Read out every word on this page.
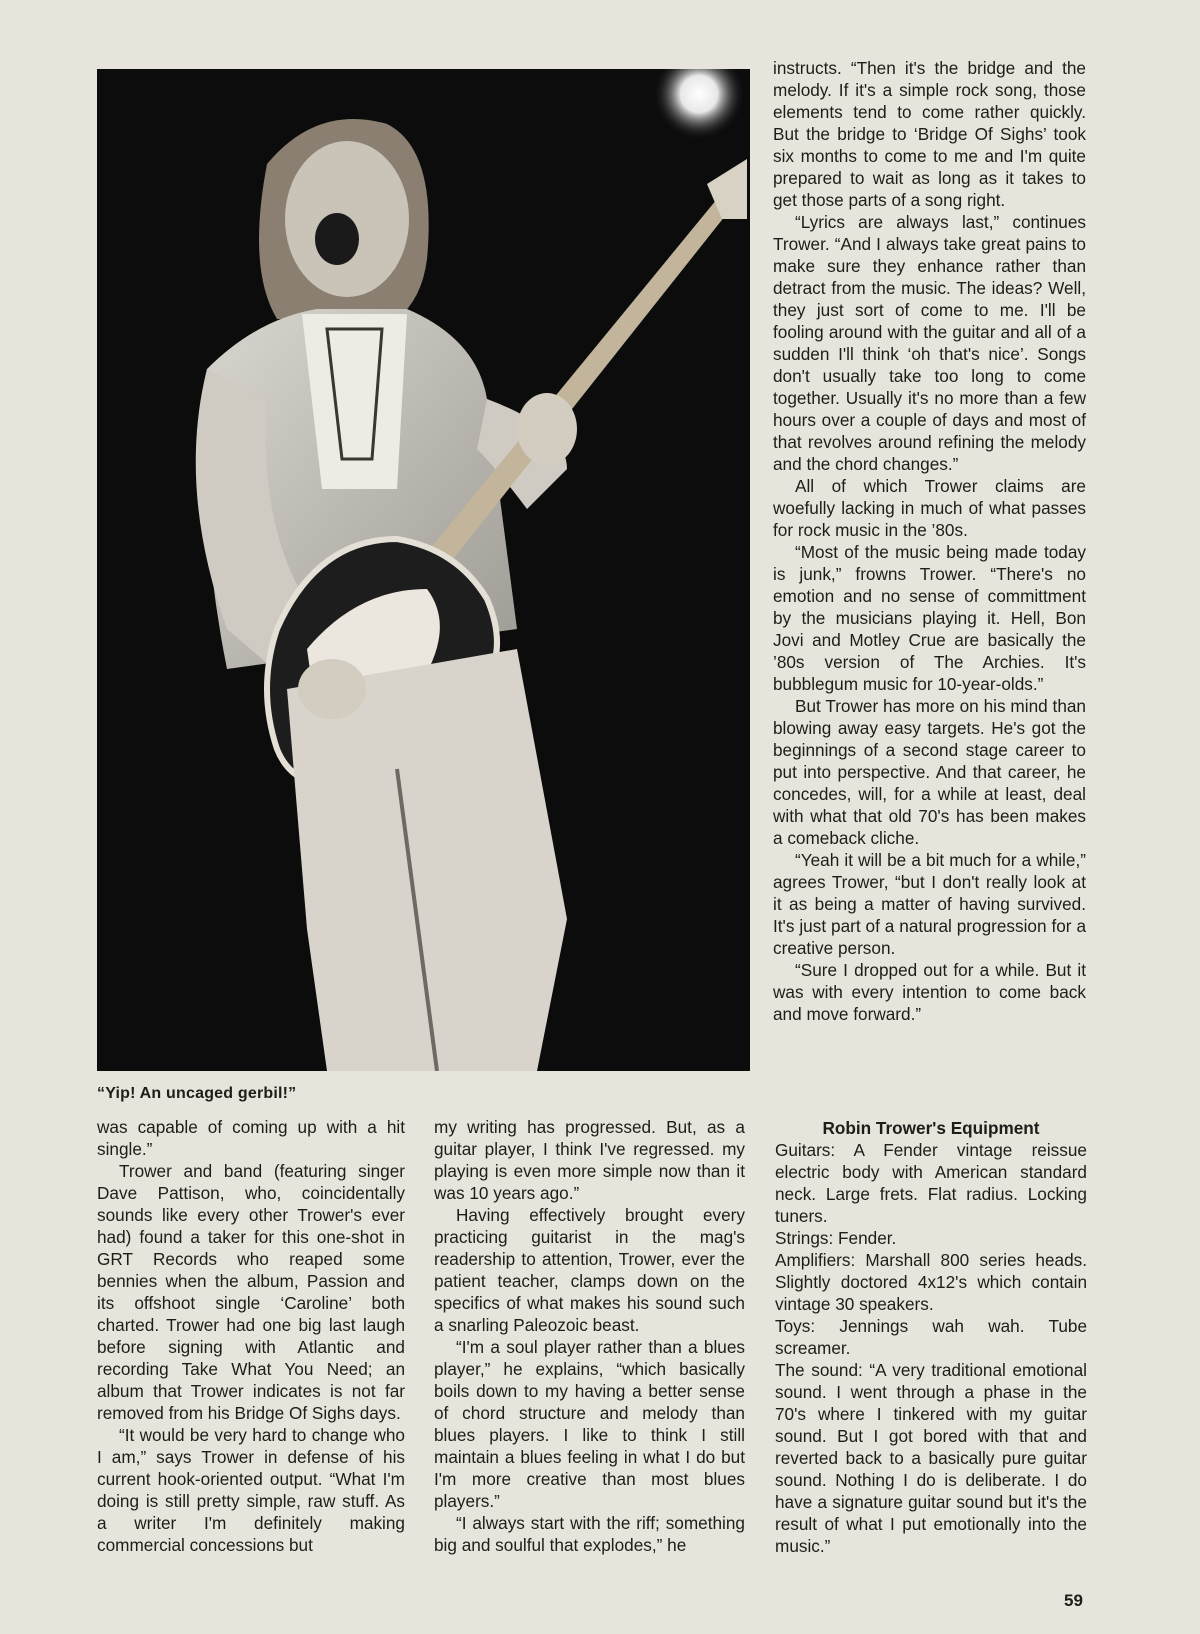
“Yip! An uncaged gerbil!”

was capable of coming up with a hit single.”

Trower and band (featuring singer Dave Pattison, who, coincidentally sounds like every other Trower's ever had) found a taker for this one-shot in GRT Records who reaped some bennies when the album, Passion and its offshoot single ‘Caroline’ both charted. Trower had one big last laugh before signing with Atlantic and recording Take What You Need; an album that Trower indicates is not far removed from his Bridge Of Sighs days.

“It would be very hard to change who I am,” says Trower in defense of his current hook-oriented output. “What I'm doing is still pretty simple, raw stuff. As a writer I'm definitely making commercial concessions but

my writing has progressed. But, as a guitar player, I think I've regressed. my playing is even more simple now than it was 10 years ago.”

Having effectively brought every practicing guitarist in the mag's readership to attention, Trower, ever the patient teacher, clamps down on the specifics of what makes his sound such a snarling Paleozoic beast.

“I'm a soul player rather than a blues player,” he explains, “which basically boils down to my having a better sense of chord structure and melody than blues players. I like to think I still maintain a blues feeling in what I do but I'm more creative than most blues players.”

“I always start with the riff; something big and soulful that explodes,” he

instructs. “Then it's the bridge and the melody. If it's a simple rock song, those elements tend to come rather quickly. But the bridge to ‘Bridge Of Sighs’ took six months to come to me and I'm quite prepared to wait as long as it takes to get those parts of a song right.

“Lyrics are always last,” continues Trower. “And I always take great pains to make sure they enhance rather than detract from the music. The ideas? Well, they just sort of come to me. I'll be fooling around with the guitar and all of a sudden I'll think ‘oh that's nice’. Songs don't usually take too long to come together. Usually it's no more than a few hours over a couple of days and most of that revolves around refining the melody and the chord changes.”

All of which Trower claims are woefully lacking in much of what passes for rock music in the ’80s.

“Most of the music being made today is junk,” frowns Trower. “There's no emotion and no sense of committment by the musicians playing it. Hell, Bon Jovi and Motley Crue are basically the ’80s version of The Archies. It's bubblegum music for 10-year-olds.”

But Trower has more on his mind than blowing away easy targets. He's got the beginnings of a second stage career to put into perspective. And that career, he concedes, will, for a while at least, deal with what that old 70's has been makes a comeback cliche.

“Yeah it will be a bit much for a while,” agrees Trower, “but I don't really look at it as being a matter of having survived. It's just part of a natural progression for a creative person.

“Sure I dropped out for a while. But it was with every intention to come back and move forward.”

Robin Trower's Equipment

Guitars: A Fender vintage reissue electric body with American standard neck. Large frets. Flat radius. Locking tuners.

Strings: Fender.

Amplifiers: Marshall 800 series heads. Slightly doctored 4x12's which contain vintage 30 speakers.

Toys: Jennings wah wah. Tube screamer.

The sound: “A very traditional emotional sound. I went through a phase in the 70's where I tinkered with my guitar sound. But I got bored with that and reverted back to a basically pure guitar sound. Nothing I do is deliberate. I do have a signature guitar sound but it's the result of what I put emotionally into the music.”

59
